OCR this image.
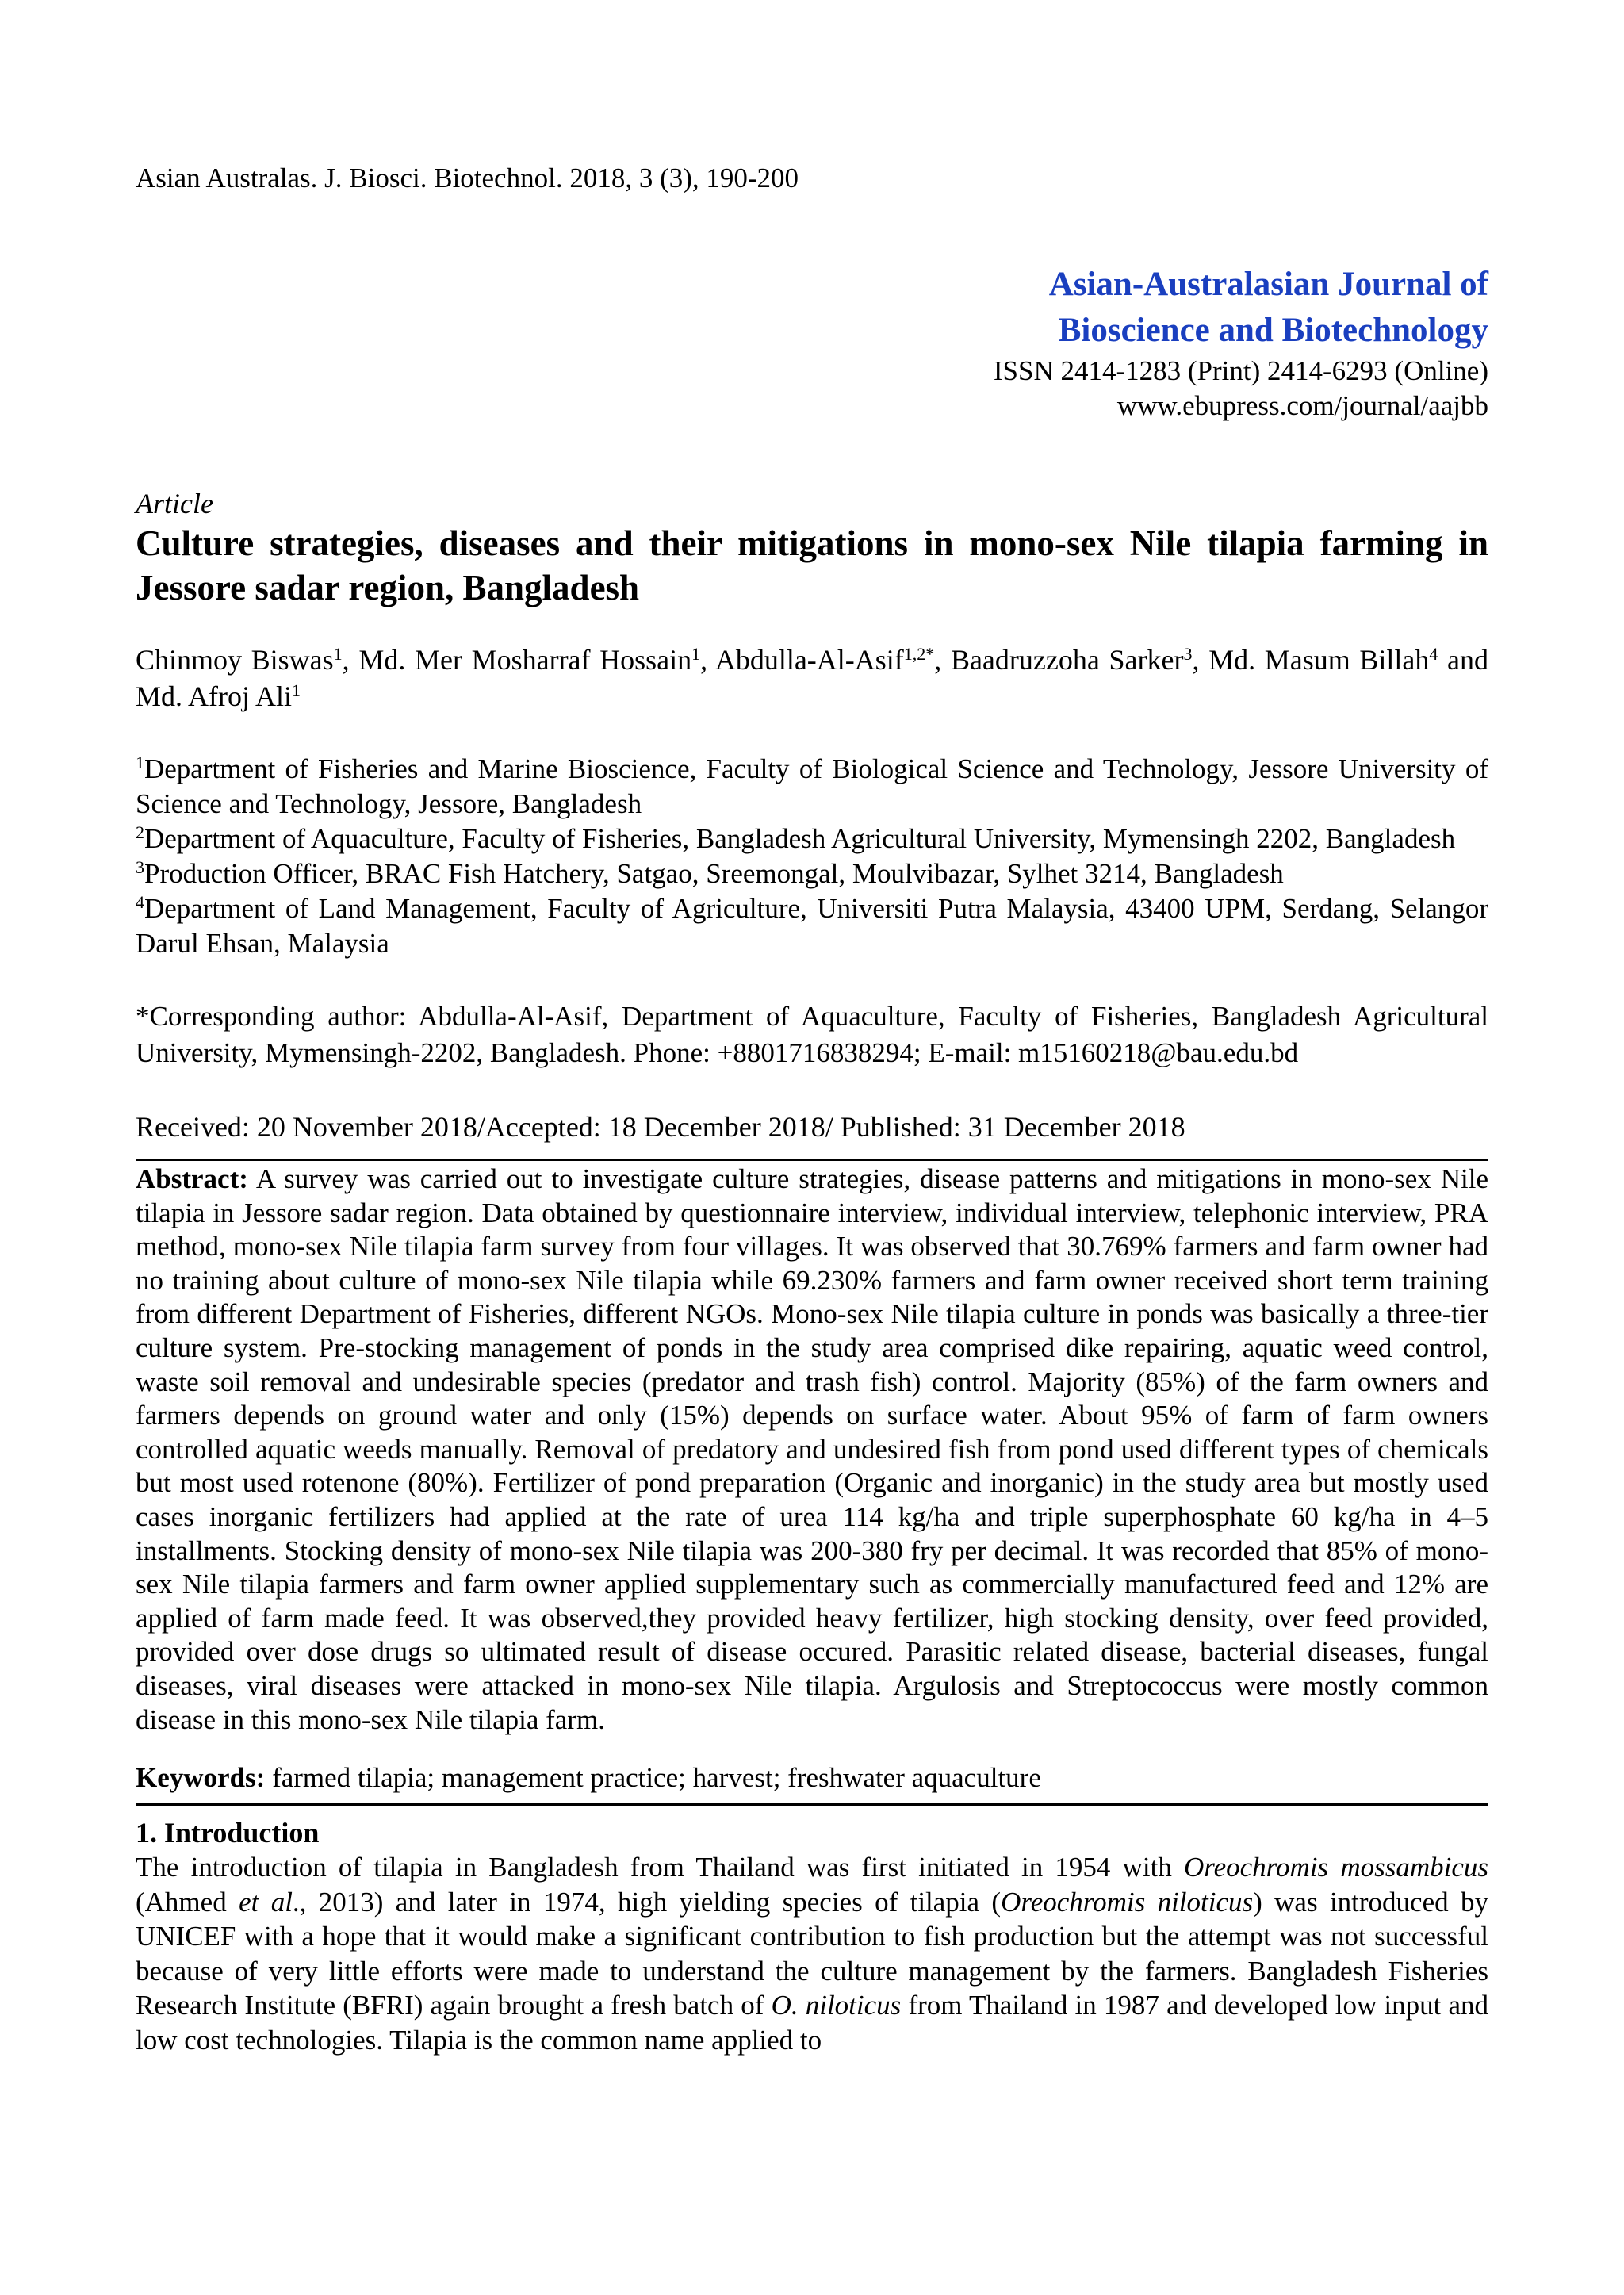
Asian Australas. J. Biosci. Biotechnol. 2018, 3 (3), 190-200

Asian-Australasian Journal of
Bioscience and Biotechnology
ISSN 2414-1283 (Print) 2414-6293 (Online)
www.ebupress.com/journal/aajbb
Article
Culture strategies, diseases and their mitigations in mono-sex Nile tilapia farming in Jessore sadar region, Bangladesh

Chinmoy Biswas$^1$, Md. Mer Mosharraf Hossain$^1$, Abdulla-Al-Asif$^{1,2*}$, Baadruzzoha Sarker$^3$, Md. Masum Billah$^4$ and Md. Afroj Ali$^1$

$^1$Department of Fisheries and Marine Bioscience, Faculty of Biological Science and Technology, Jessore University of Science and Technology, Jessore, Bangladesh

$^2$Department of Aquaculture, Faculty of Fisheries, Bangladesh Agricultural University, Mymensingh 2202, Bangladesh

$^3$Production Officer, BRAC Fish Hatchery, Satgao, Sreemongal, Moulvibazar, Sylhet 3214, Bangladesh

$^4$Department of Land Management, Faculty of Agriculture, Universiti Putra Malaysia, 43400 UPM, Serdang, Selangor Darul Ehsan, Malaysia

*Corresponding author: Abdulla-Al-Asif, Department of Aquaculture, Faculty of Fisheries, Bangladesh Agricultural University, Mymensingh-2202, Bangladesh. Phone: +8801716838294; E-mail: m15160218@bau.edu.bd

Received: 20 November 2018/Accepted: 18 December 2018/ Published: 31 December 2018

Abstract: A survey was carried out to investigate culture strategies, disease patterns and mitigations in mono-sex Nile tilapia in Jessore sadar region. Data obtained by questionnaire interview, individual interview, telephonic interview, PRA method, mono-sex Nile tilapia farm survey from four villages. It was observed that 30.769% farmers and farm owner had no training about culture of mono-sex Nile tilapia while 69.230% farmers and farm owner received short term training from different Department of Fisheries, different NGOs. Mono-sex Nile tilapia culture in ponds was basically a three-tier culture system. Pre-stocking management of ponds in the study area comprised dike repairing, aquatic weed control, waste soil removal and undesirable species (predator and trash fish) control. Majority (85%) of the farm owners and farmers depends on ground water and only (15%) depends on surface water. About 95% of farm of farm owners controlled aquatic weeds manually. Removal of predatory and undesired fish from pond used different types of chemicals but most used rotenone (80%). Fertilizer of pond preparation (Organic and inorganic) in the study area but mostly used cases inorganic fertilizers had applied at the rate of urea 114 kg/ha and triple superphosphate 60 kg/ha in 4–5 installments. Stocking density of mono-sex Nile tilapia was 200-380 fry per decimal. It was recorded that 85% of mono-sex Nile tilapia farmers and farm owner applied supplementary such as commercially manufactured feed and 12% are applied of farm made feed. It was observed,they provided heavy fertilizer, high stocking density, over feed provided, provided over dose drugs so ultimated result of disease occured. Parasitic related disease, bacterial diseases, fungal diseases, viral diseases were attacked in mono-sex Nile tilapia. Argulosis and Streptococcus were mostly common disease in this mono-sex Nile tilapia farm.

Keywords: farmed tilapia; management practice; harvest; freshwater aquaculture

1. Introduction

The introduction of tilapia in Bangladesh from Thailand was first initiated in 1954 with Oreochromis mossambicus (Ahmed et al., 2013) and later in 1974, high yielding species of tilapia (Oreochromis niloticus) was introduced by UNICEF with a hope that it would make a significant contribution to fish production but the attempt was not successful because of very little efforts were made to understand the culture management by the farmers. Bangladesh Fisheries Research Institute (BFRI) again brought a fresh batch of O. niloticus from Thailand in 1987 and developed low input and low cost technologies. Tilapia is the common name applied to
